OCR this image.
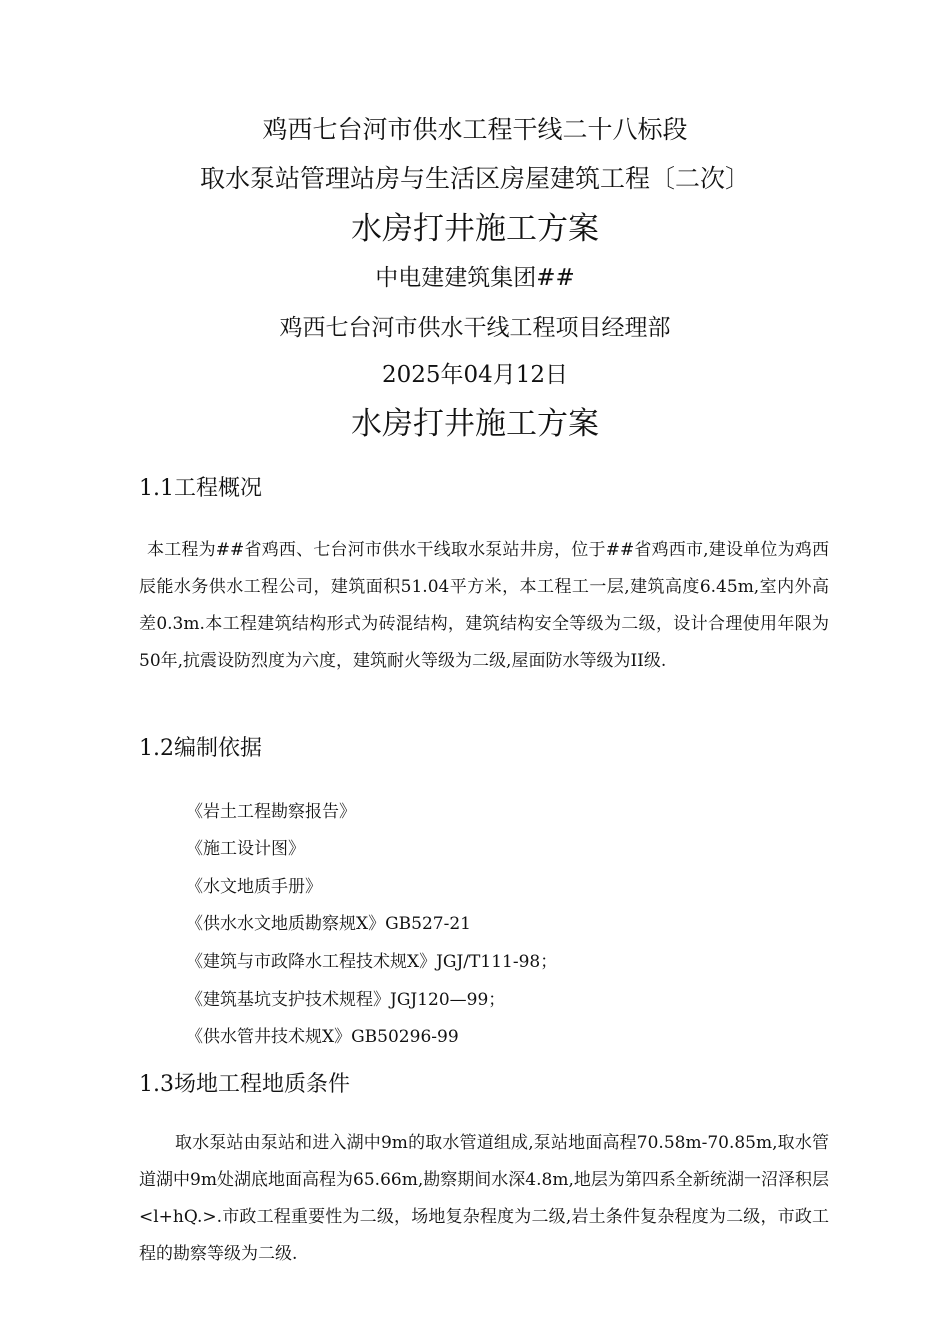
鸡西七台河市供水工程干线二十八标段
取水泵站管理站房与生活区房屋建筑工程〔二次〕
水房打井施工方案
中电建建筑集团##
鸡西七台河市供水干线工程项目经理部
2025年04月12日
水房打井施工方案
1.1工程概况
本工程为##省鸡西、七台河市供水干线取水泵站井房，位于##省鸡西市,建设单位为鸡西辰能水务供水工程公司，建筑面积51.04平方米，本工程工一层,建筑高度6.45m,室内外高差0.3m.本工程建筑结构形式为砖混结构，建筑结构安全等级为二级，设计合理使用年限为50年,抗震设防烈度为六度，建筑耐火等级为二级,屋面防水等级为II级.
1.2编制依据
《岩土工程勘察报告》
《施工设计图》
《水文地质手册》
《供水水文地质勘察规X》GB527-21
《建筑与市政降水工程技术规X》JGJ/T111-98；
《建筑基坑支护技术规程》JGJ120—99；
《供水管井技术规X》GB50296-99
1.3场地工程地质条件
取水泵站由泵站和进入湖中9m的取水管道组成,泵站地面高程70.58m-70.85m,取水管道湖中9m处湖底地面高程为65.66m,勘察期间水深4.8m,地层为第四系全新统湖一沼泽积层<l+hQ.>.市政工程重要性为二级，场地复杂程度为二级,岩土条件复杂程度为二级，市政工程的勘察等级为二级.
